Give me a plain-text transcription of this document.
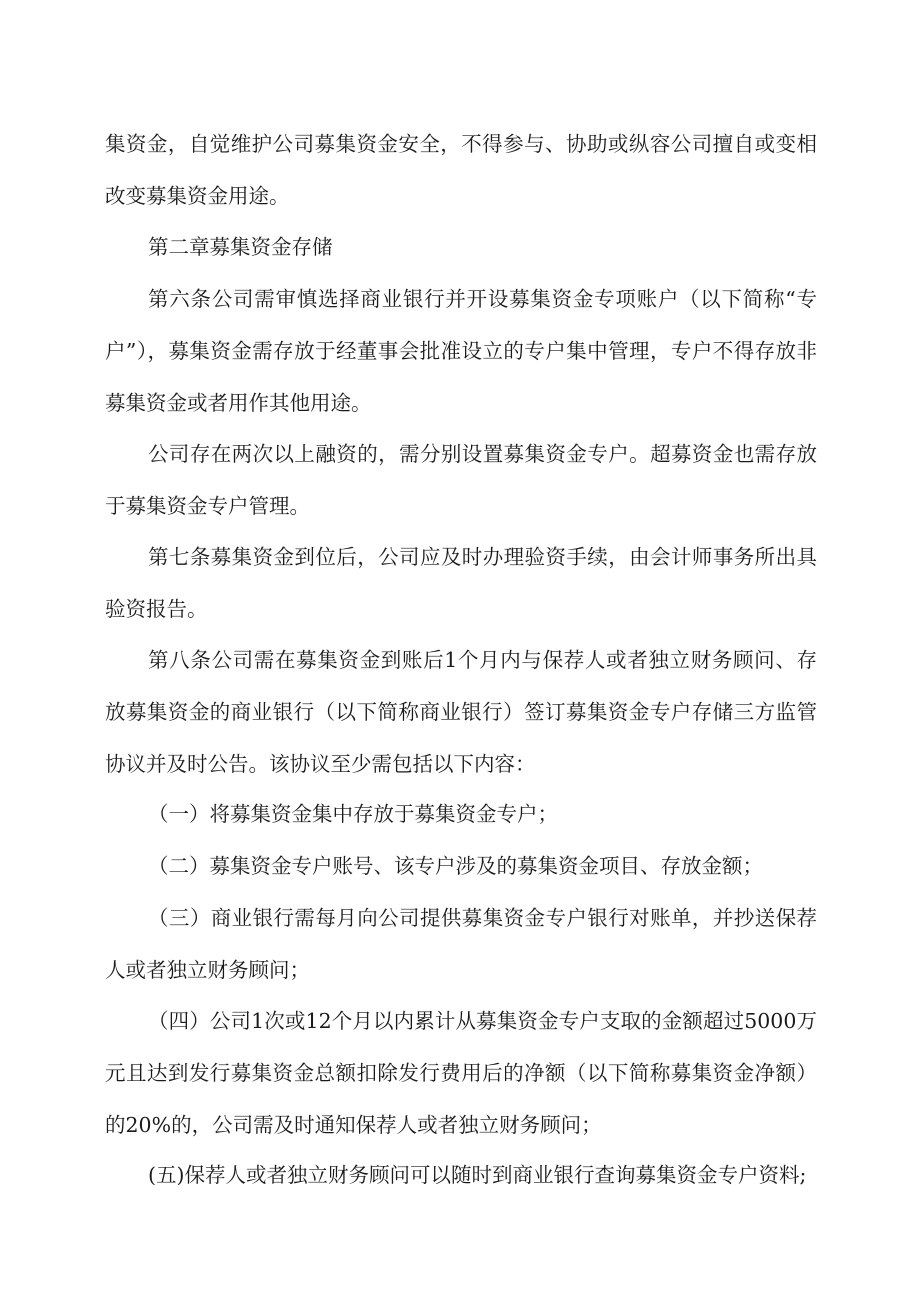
集资金，自觉维护公司募集资金安全，不得参与、协助或纵容公司擅自或变相改变募集资金用途。
第二章募集资金存储
第六条公司需审慎选择商业银行并开设募集资金专项账户（以下简称“专户”），募集资金需存放于经董事会批准设立的专户集中管理，专户不得存放非募集资金或者用作其他用途。
公司存在两次以上融资的，需分别设置募集资金专户。超募资金也需存放于募集资金专户管理。
第七条募集资金到位后，公司应及时办理验资手续，由会计师事务所出具验资报告。
第八条公司需在募集资金到账后1个月内与保荐人或者独立财务顾问、存放募集资金的商业银行（以下简称商业银行）签订募集资金专户存储三方监管协议并及时公告。该协议至少需包括以下内容：
（一）将募集资金集中存放于募集资金专户；
（二）募集资金专户账号、该专户涉及的募集资金项目、存放金额；
（三）商业银行需每月向公司提供募集资金专户银行对账单，并抄送保荐人或者独立财务顾问；
（四）公司1次或12个月以内累计从募集资金专户支取的金额超过5000万元且达到发行募集资金总额扣除发行费用后的净额（以下简称募集资金净额）的20%的，公司需及时通知保荐人或者独立财务顾问；
(五)保荐人或者独立财务顾问可以随时到商业银行查询募集资金专户资料;
